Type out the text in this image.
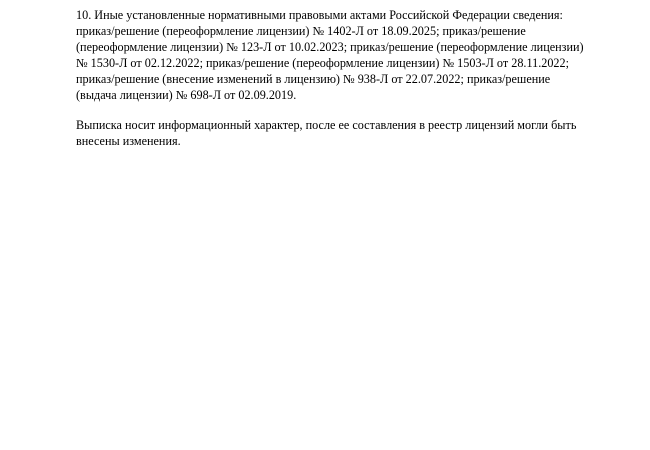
10. Иные установленные нормативными правовыми актами Российской Федерации сведения:
приказ/решение (переоформление лицензии) № 1402-Л от 18.09.2025; приказ/решение
(переоформление лицензии) № 123-Л от 10.02.2023; приказ/решение (переоформление лицензии)
№ 1530-Л от 02.12.2022; приказ/решение (переоформление лицензии) № 1503-Л от 28.11.2022;
приказ/решение (внесение изменений в лицензию) № 938-Л от 22.07.2022; приказ/решение
(выдача лицензии) № 698-Л от 02.09.2019.
Выписка носит информационный характер, после ее составления в реестр лицензий могли быть
внесены изменения.
